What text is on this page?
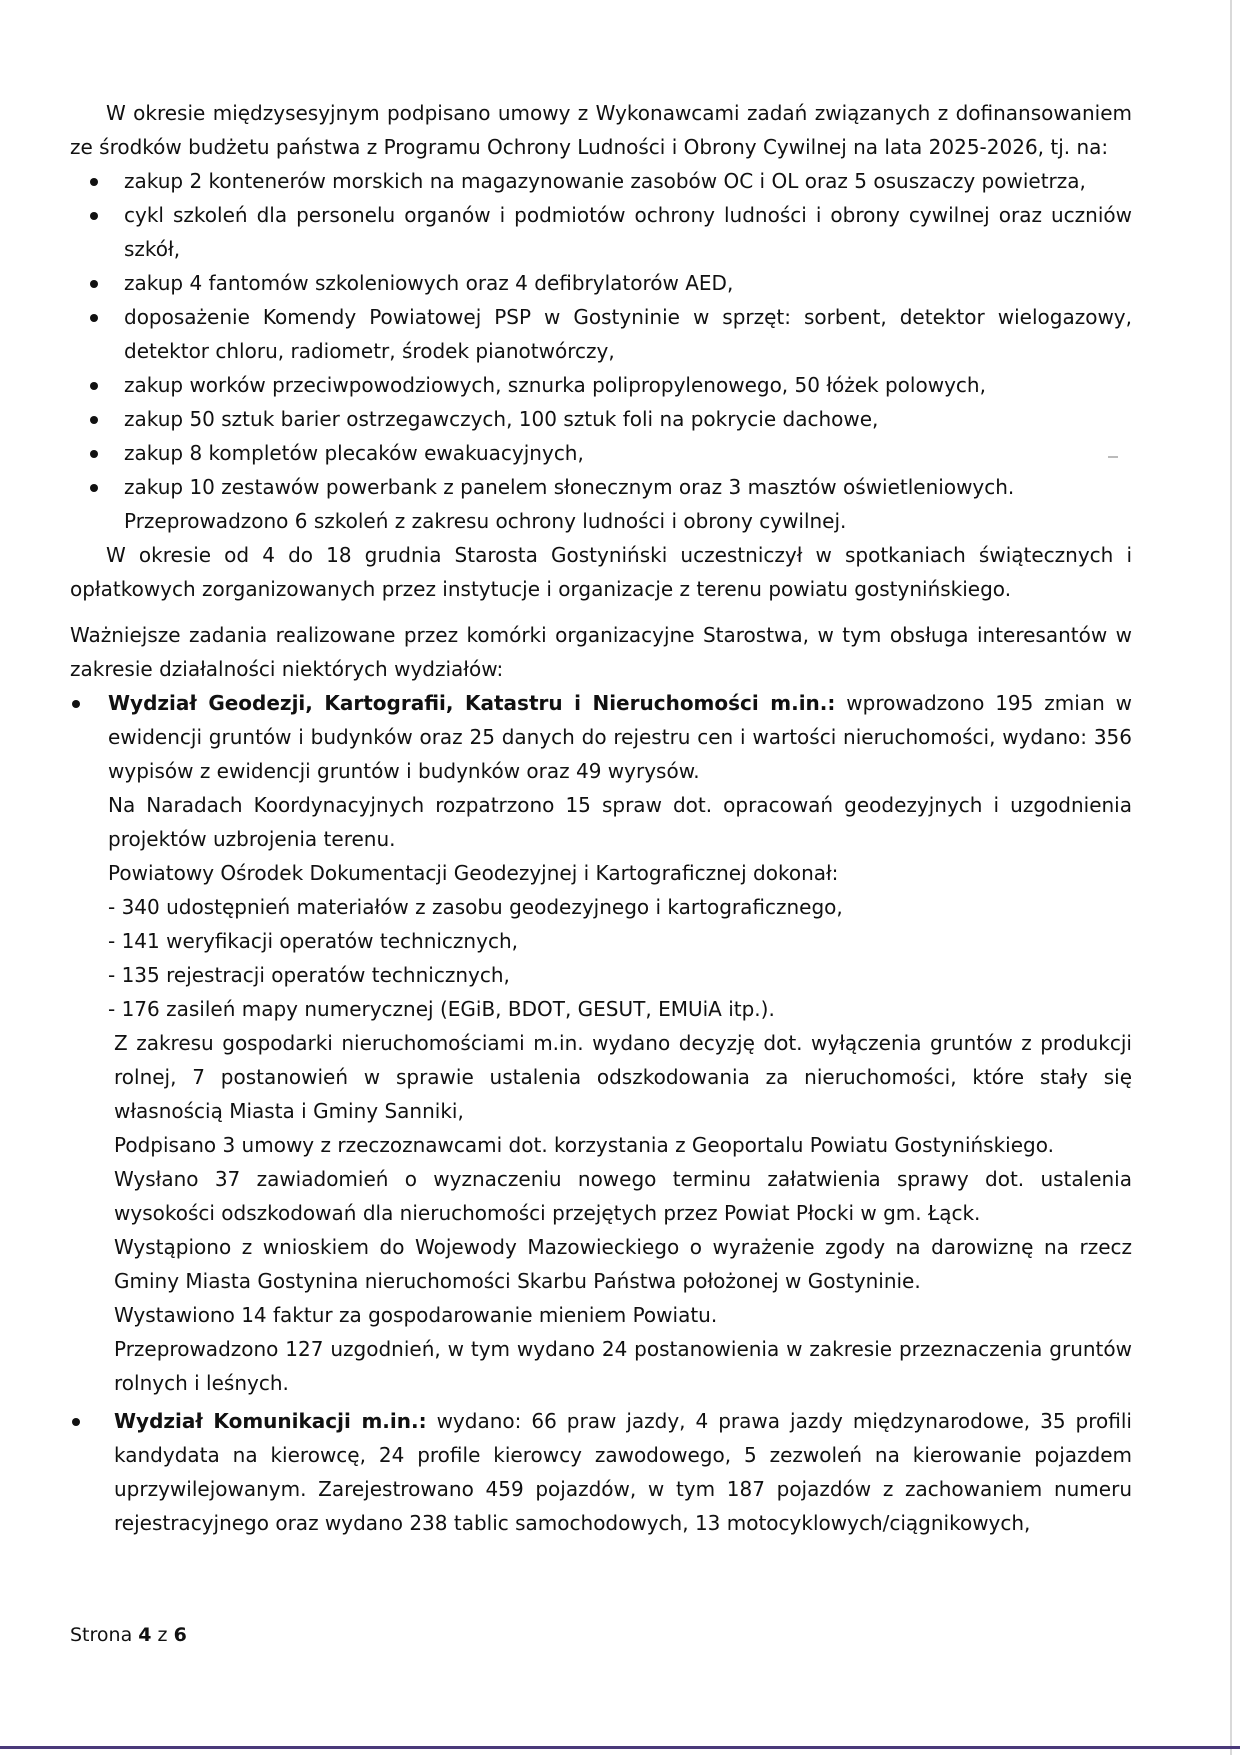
W okresie międzysesyjnym podpisano umowy z Wykonawcami zadań związanych z dofinansowaniem ze środków budżetu państwa z Programu Ochrony Ludności i Obrony Cywilnej na lata 2025-2026, tj. na:

zakup 2 kontenerów morskich na magazynowanie zasobów OC i OL oraz 5 osuszaczy powietrza,
cykl szkoleń dla personelu organów i podmiotów ochrony ludności i obrony cywilnej oraz uczniów szkół,
zakup 4 fantomów szkoleniowych oraz 4 defibrylatorów AED,
doposażenie Komendy Powiatowej PSP w Gostyninie w sprzęt: sorbent, detektor wielogazowy, detektor chloru, radiometr, środek pianotwórczy,
zakup worków przeciwpowodziowych, sznurka polipropylenowego, 50 łóżek polowych,
zakup 50 sztuk barier ostrzegawczych, 100 sztuk foli na pokrycie dachowe,
zakup 8 kompletów plecaków ewakuacyjnych,
zakup 10 zestawów powerbank z panelem słonecznym oraz 3 masztów oświetleniowych.

Przeprowadzono 6 szkoleń z zakresu ochrony ludności i obrony cywilnej.

W okresie od 4 do 18 grudnia Starosta Gostyniński uczestniczył w spotkaniach świątecznych i opłatkowych zorganizowanych przez instytucje i organizacje z terenu powiatu gostynińskiego.

Ważniejsze zadania realizowane przez komórki organizacyjne Starostwa, w tym obsługa interesantów w zakresie działalności niektórych wydziałów:

Wydział Geodezji, Kartografii, Katastru i Nieruchomości m.in.: wprowadzono 195 zmian w ewidencji gruntów i budynków oraz 25 danych do rejestru cen i wartości nieruchomości, wydano: 356 wypisów z ewidencji gruntów i budynków oraz 49 wyrysów.
Na Naradach Koordynacyjnych rozpatrzono 15 spraw dot. opracowań geodezyjnych i uzgodnienia projektów uzbrojenia terenu.
Powiatowy Ośrodek Dokumentacji Geodezyjnej i Kartograficznej dokonał:
- 340 udostępnień materiałów z zasobu geodezyjnego i kartograficznego,
- 141 weryfikacji operatów technicznych,
- 135 rejestracji operatów technicznych,
- 176 zasileń mapy numerycznej (EGiB, BDOT, GESUT, EMUiA itp.).
Z zakresu gospodarki nieruchomościami m.in. wydano decyzję dot. wyłączenia gruntów z produkcji rolnej, 7 postanowień w sprawie ustalenia odszkodowania za nieruchomości, które stały się własnością Miasta i Gminy Sanniki,
Podpisano 3 umowy z rzeczoznawcami dot. korzystania z Geoportalu Powiatu Gostynińskiego.
Wysłano 37 zawiadomień o wyznaczeniu nowego terminu załatwienia sprawy dot. ustalenia wysokości odszkodowań dla nieruchomości przejętych przez Powiat Płocki w gm. Łąck.
Wystąpiono z wnioskiem do Wojewody Mazowieckiego o wyrażenie zgody na darowiznę na rzecz Gminy Miasta Gostynina nieruchomości Skarbu Państwa położonej w Gostyninie.
Wystawiono 14 faktur za gospodarowanie mieniem Powiatu.
Przeprowadzono 127 uzgodnień, w tym wydano 24 postanowienia w zakresie przeznaczenia gruntów rolnych i leśnych.
Wydział Komunikacji m.in.: wydano: 66 praw jazdy, 4 prawa jazdy międzynarodowe, 35 profili kandydata na kierowcę, 24 profile kierowcy zawodowego, 5 zezwoleń na kierowanie pojazdem uprzywilejowanym. Zarejestrowano 459 pojazdów, w tym 187 pojazdów z zachowaniem numeru rejestracyjnego oraz wydano 238 tablic samochodowych, 13 motocyklowych/ciągnikowych,
Strona 4 z 6
